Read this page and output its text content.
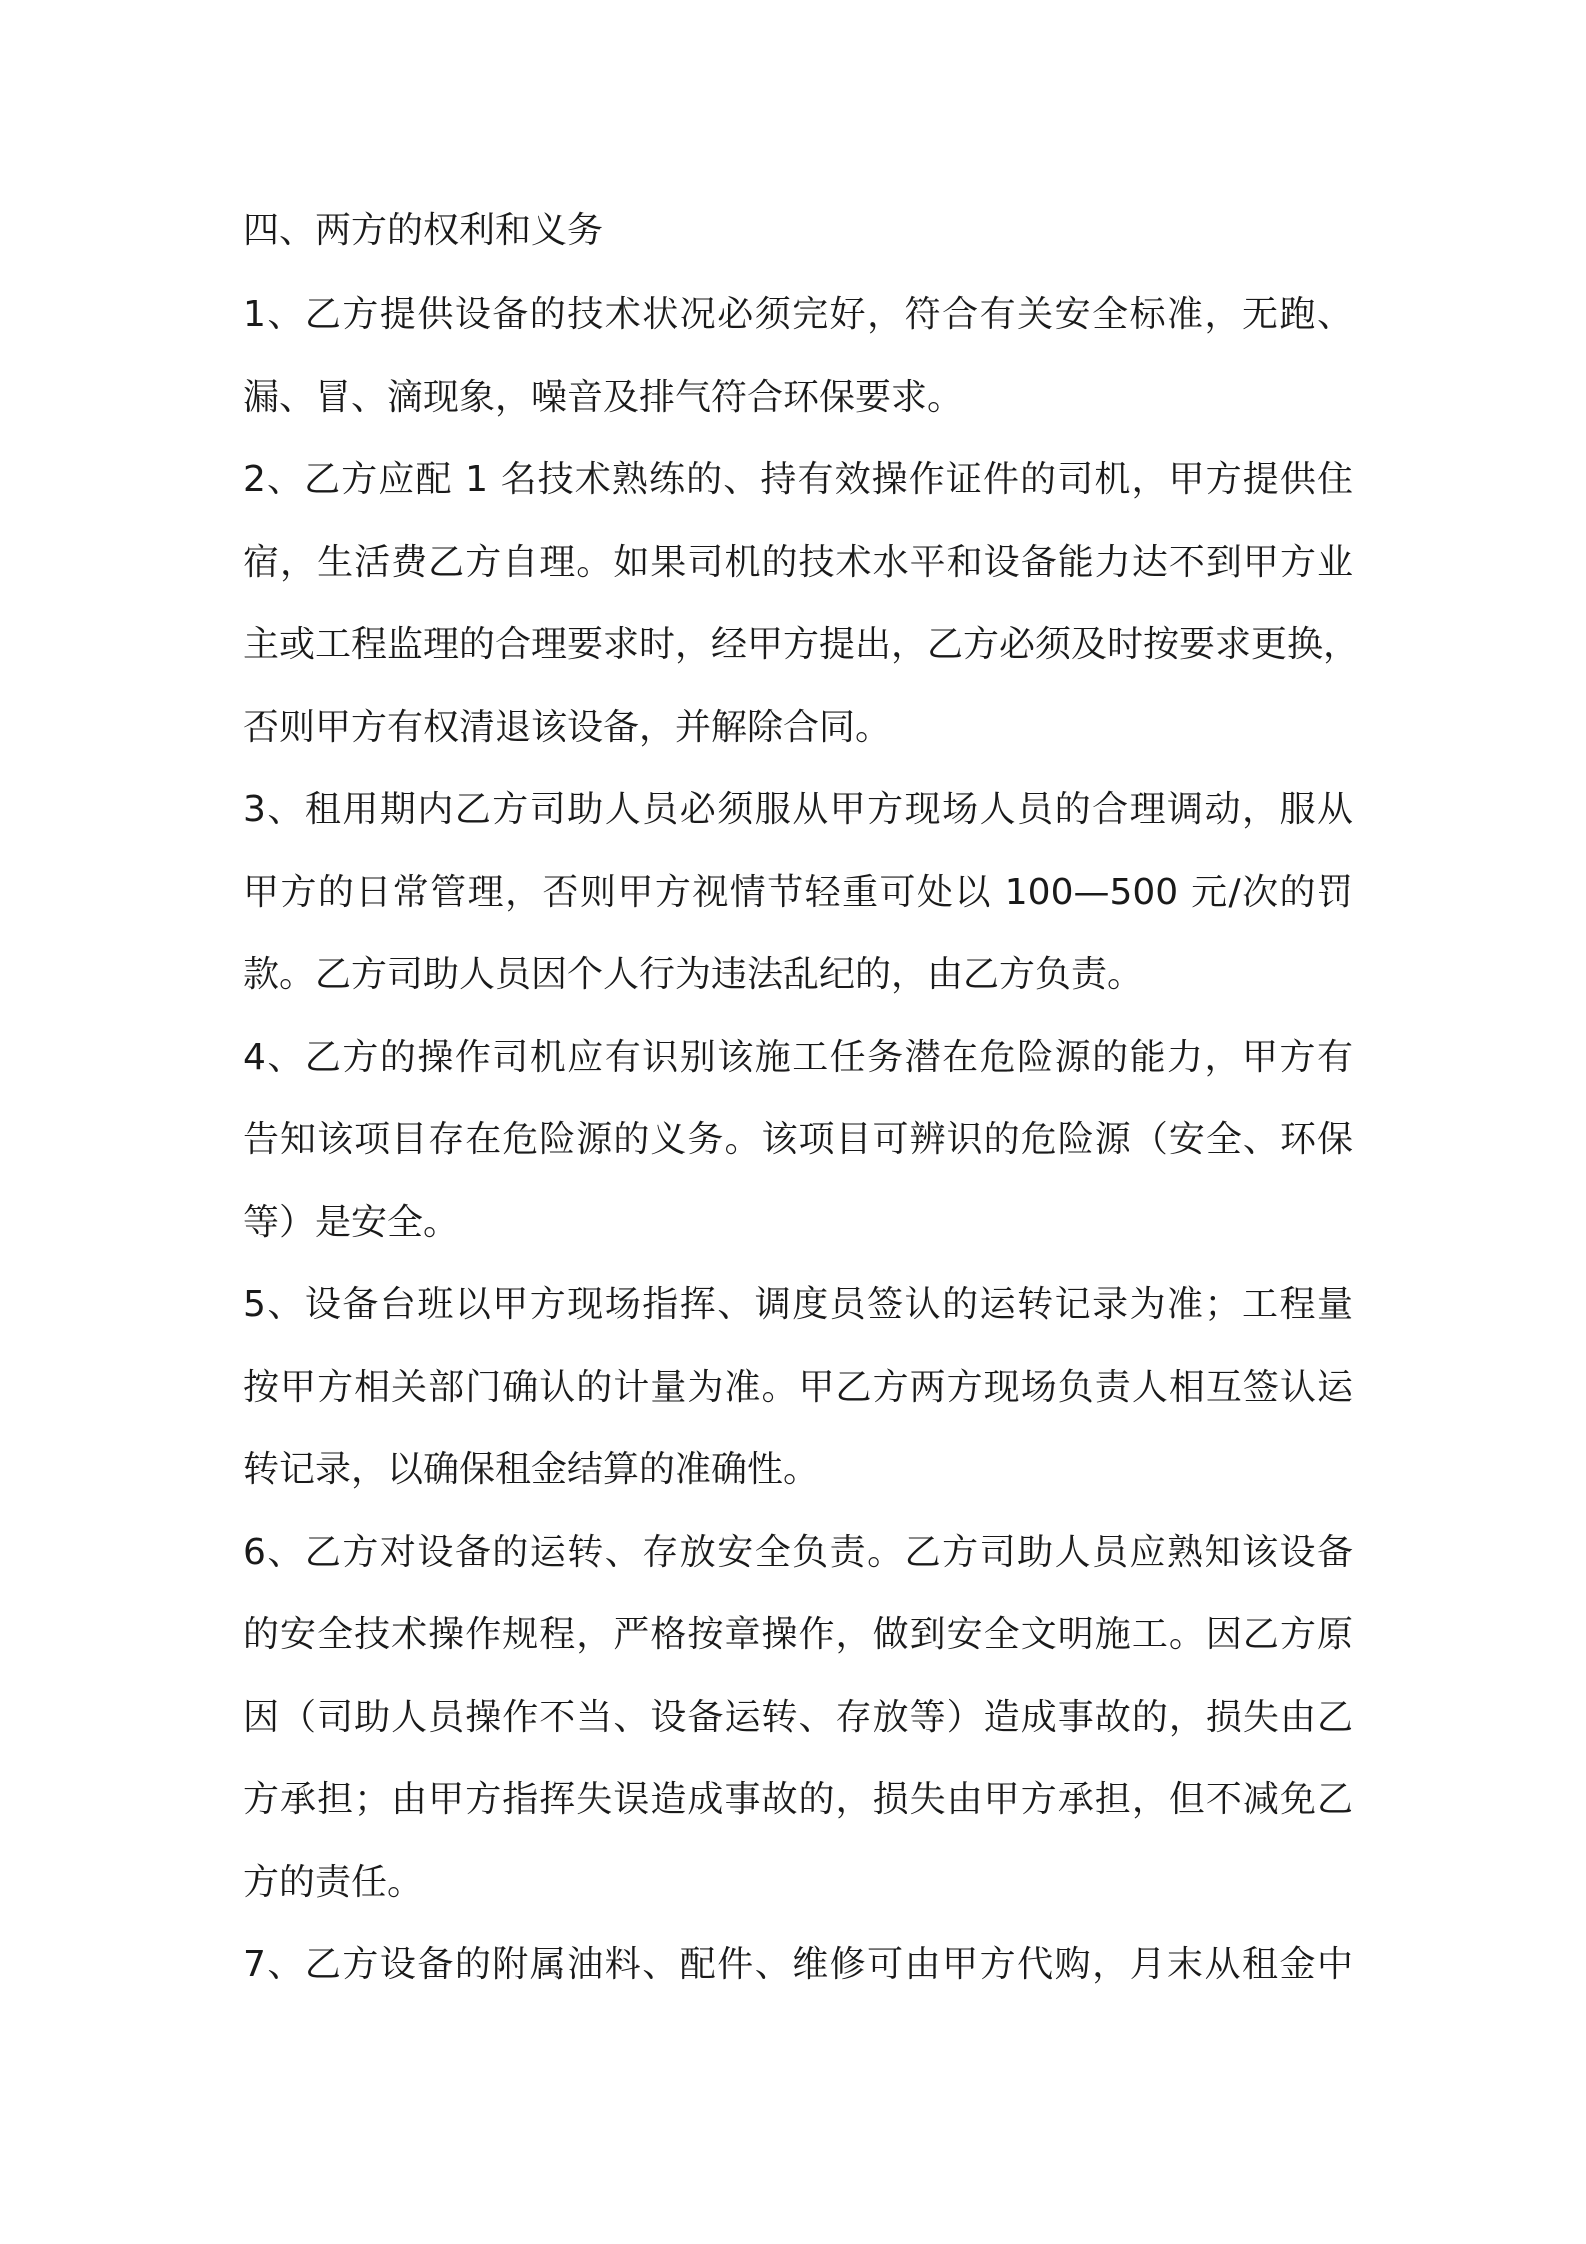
四、两方的权利和义务
1、乙方提供设备的技术状况必须完好，符合有关安全标准，无跑、
漏、冒、滴现象，噪音及排气符合环保要求。
2、乙方应配 1 名技术熟练的、持有效操作证件的司机，甲方提供住
宿，生活费乙方自理。如果司机的技术水平和设备能力达不到甲方业
主或工程监理的合理要求时，经甲方提出，乙方必须及时按要求更换，
否则甲方有权清退该设备，并解除合同。
3、租用期内乙方司助人员必须服从甲方现场人员的合理调动，服从
甲方的日常管理，否则甲方视情节轻重可处以 100—500 元/次的罚
款。乙方司助人员因个人行为违法乱纪的，由乙方负责。
4、乙方的操作司机应有识别该施工任务潜在危险源的能力，甲方有
告知该项目存在危险源的义务。该项目可辨识的危险源（安全、环保
等）是安全。
5、设备台班以甲方现场指挥、调度员签认的运转记录为准；工程量
按甲方相关部门确认的计量为准。甲乙方两方现场负责人相互签认运
转记录，以确保租金结算的准确性。
6、乙方对设备的运转、存放安全负责。乙方司助人员应熟知该设备
的安全技术操作规程，严格按章操作，做到安全文明施工。因乙方原
因（司助人员操作不当、设备运转、存放等）造成事故的，损失由乙
方承担；由甲方指挥失误造成事故的，损失由甲方承担，但不减免乙
方的责任。
7、乙方设备的附属油料、配件、维修可由甲方代购，月末从租金中
